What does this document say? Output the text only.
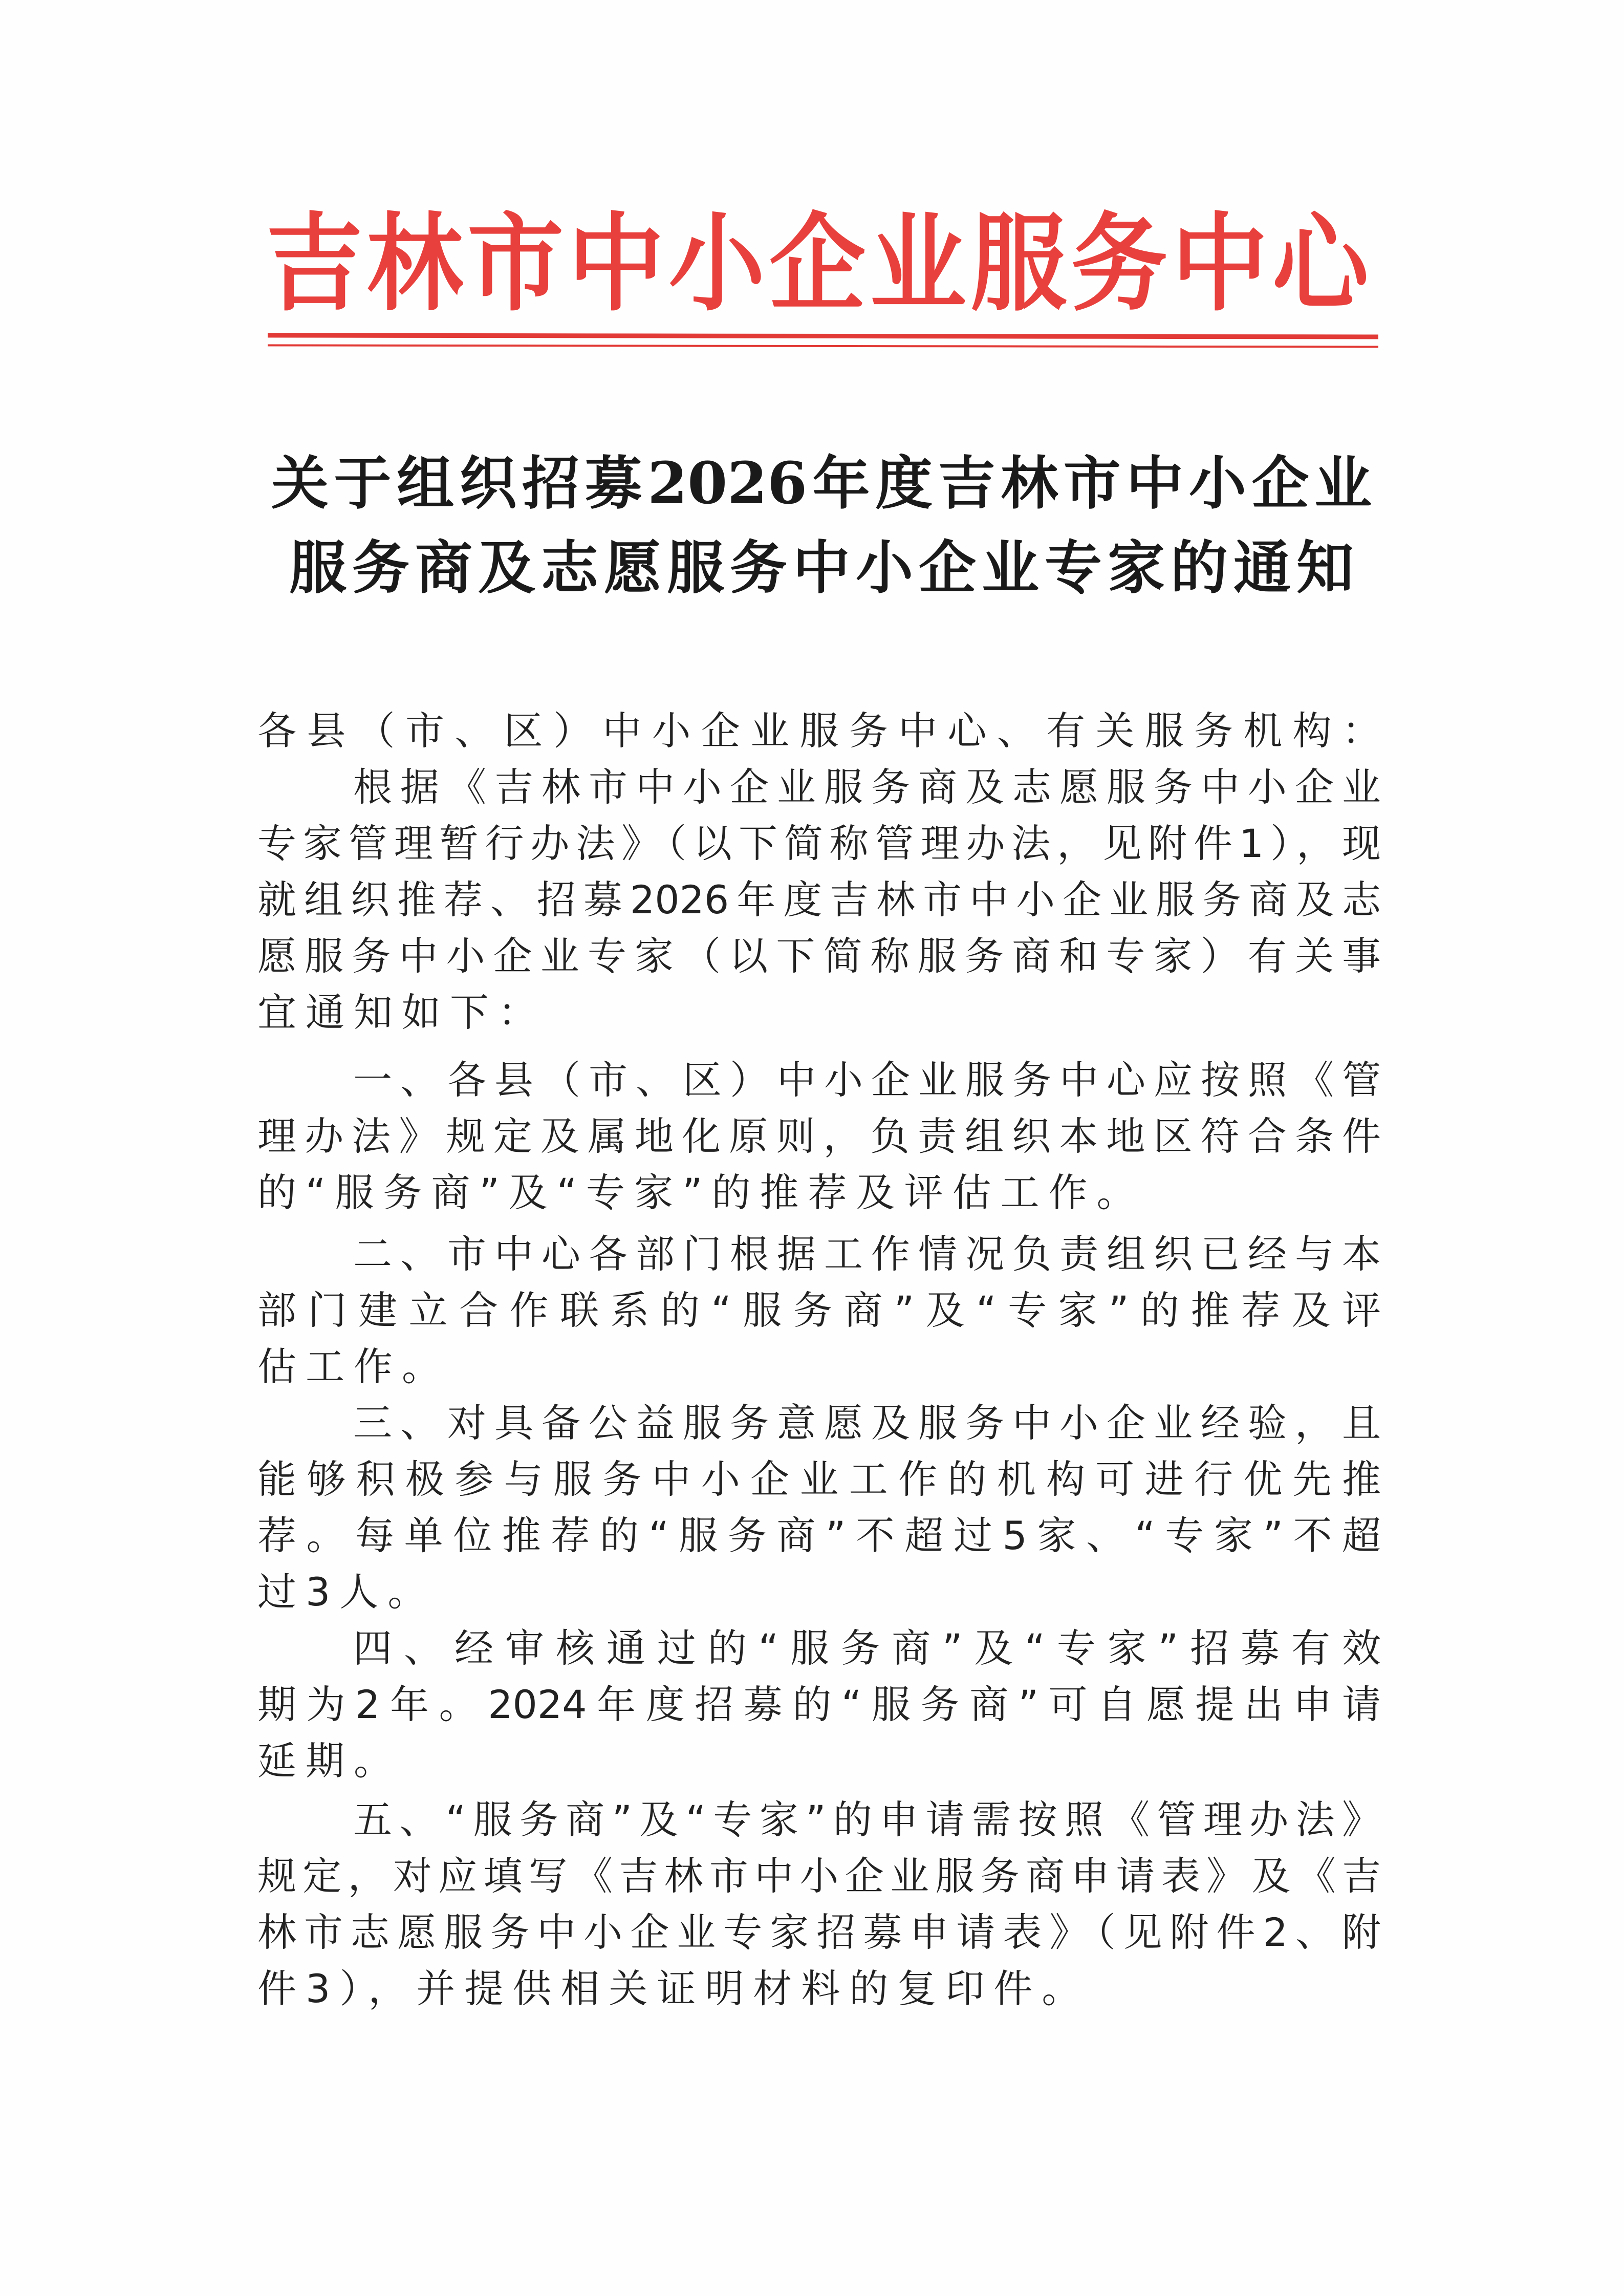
吉林市中小企业服务中心
关于组织招募2026年度吉林市中小企业
服务商及志愿服务中小企业专家的通知
各县（市、区）中小企业服务中心、有关服务机构：
根据《吉林市中小企业服务商及志愿服务中小企业
专家管理暂行办法》（以下简称管理办法，见附件1），现
就组织推荐、招募2026年度吉林市中小企业服务商及志
愿服务中小企业专家（以下简称服务商和专家）有关事
宜通知如下：
一、各县（市、区）中小企业服务中心应按照《管
理办法》规定及属地化原则，负责组织本地区符合条件
的“服务商”及“专家”的推荐及评估工作。
二、市中心各部门根据工作情况负责组织已经与本
部门建立合作联系的“服务商”及“专家”的推荐及评
估工作。
三、对具备公益服务意愿及服务中小企业经验，且
能够积极参与服务中小企业工作的机构可进行优先推
荐。每单位推荐的“服务商”不超过5家、“专家”不超
过3人。
四、经审核通过的“服务商”及“专家”招募有效
期为2年。2024年度招募的“服务商”可自愿提出申请
延期。
五、“服务商”及“专家”的申请需按照《管理办法》
规定，对应填写《吉林市中小企业服务商申请表》及《吉
林市志愿服务中小企业专家招募申请表》（见附件2、附
件3），并提供相关证明材料的复印件。
